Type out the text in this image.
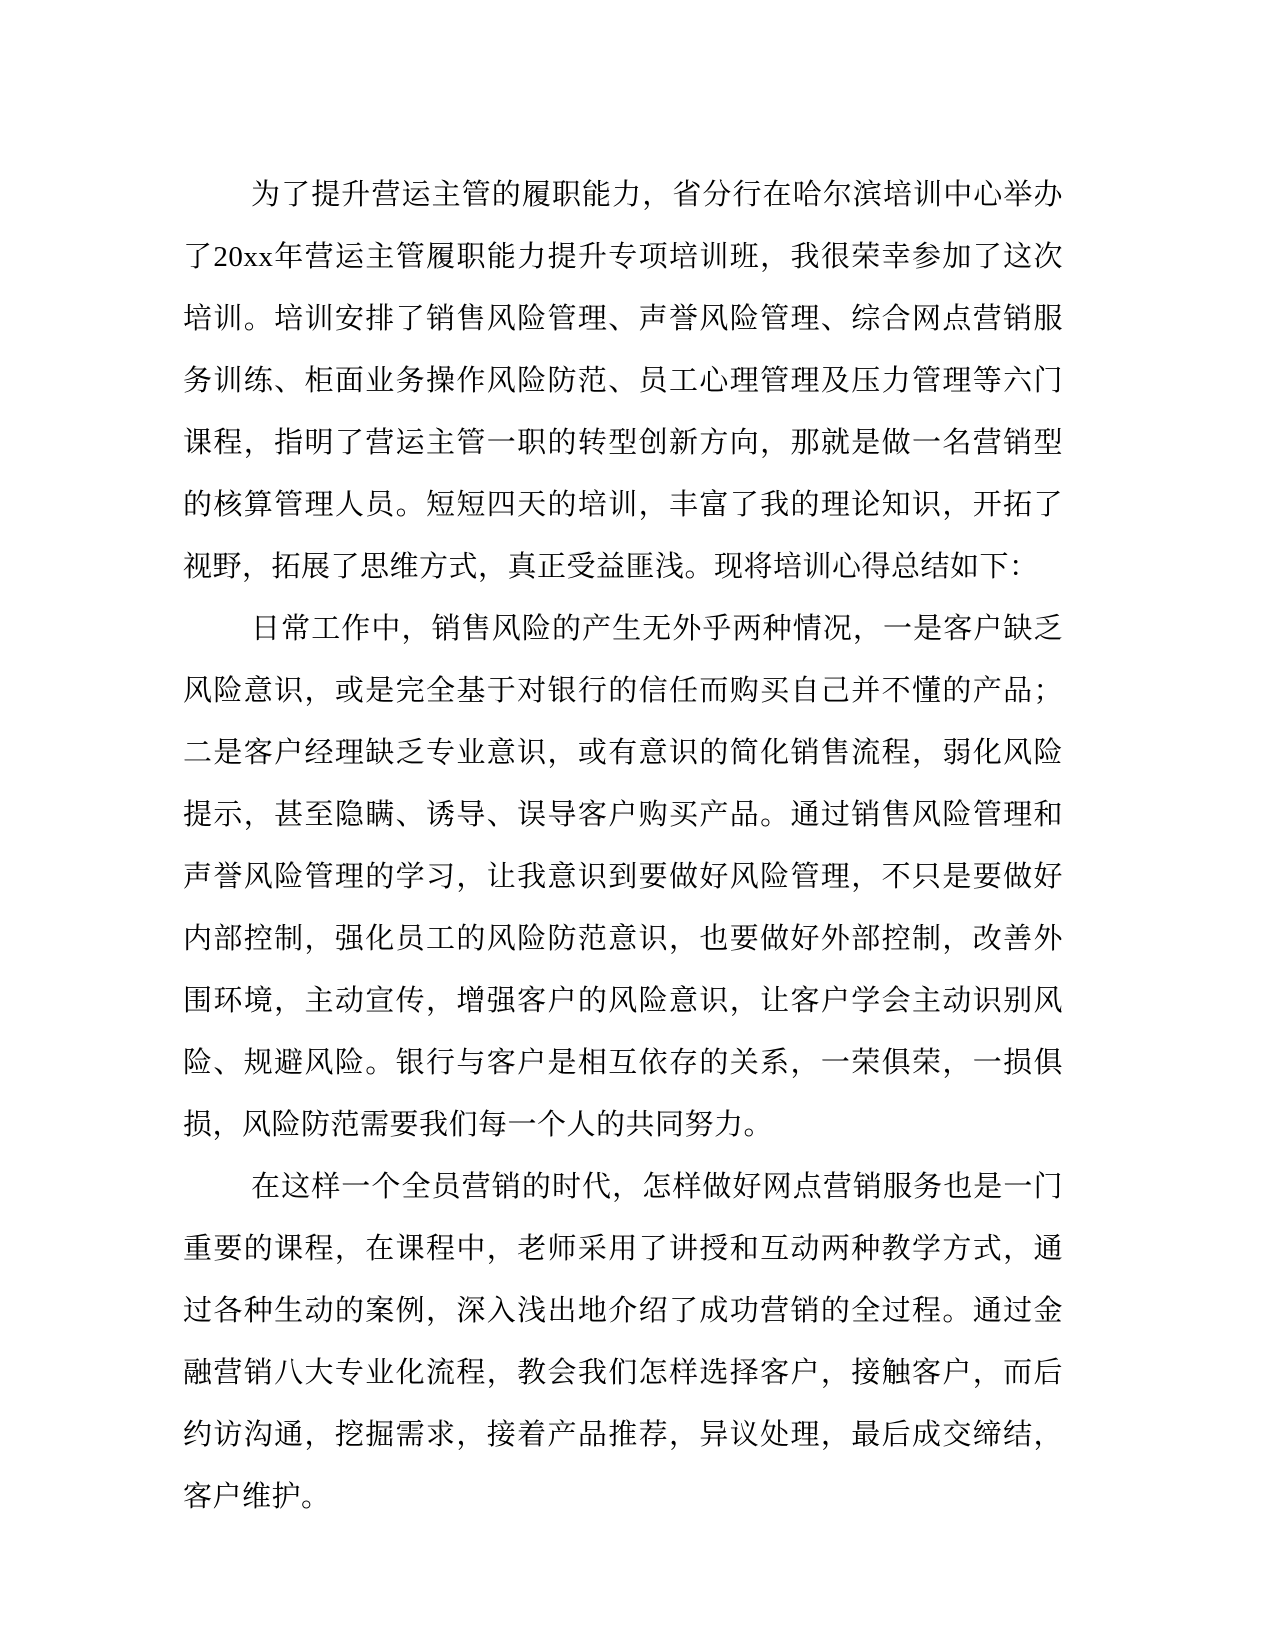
为了提升营运主管的履职能力，省分行在哈尔滨培训中心举办了20xx年营运主管履职能力提升专项培训班，我很荣幸参加了这次培训。培训安排了销售风险管理、声誉风险管理、综合网点营销服务训练、柜面业务操作风险防范、员工心理管理及压力管理等六门课程，指明了营运主管一职的转型创新方向，那就是做一名营销型的核算管理人员。短短四天的培训，丰富了我的理论知识，开拓了视野，拓展了思维方式，真正受益匪浅。现将培训心得总结如下：

日常工作中，销售风险的产生无外乎两种情况，一是客户缺乏风险意识，或是完全基于对银行的信任而购买自己并不懂的产品；二是客户经理缺乏专业意识，或有意识的简化销售流程，弱化风险提示，甚至隐瞒、诱导、误导客户购买产品。通过销售风险管理和声誉风险管理的学习，让我意识到要做好风险管理，不只是要做好内部控制，强化员工的风险防范意识，也要做好外部控制，改善外围环境，主动宣传，增强客户的风险意识，让客户学会主动识别风险、规避风险。银行与客户是相互依存的关系，一荣俱荣，一损俱损，风险防范需要我们每一个人的共同努力。

在这样一个全员营销的时代，怎样做好网点营销服务也是一门重要的课程，在课程中，老师采用了讲授和互动两种教学方式，通过各种生动的案例，深入浅出地介绍了成功营销的全过程。通过金融营销八大专业化流程，教会我们怎样选择客户，接触客户，而后约访沟通，挖掘需求，接着产品推荐，异议处理，最后成交缔结，客户维护。
